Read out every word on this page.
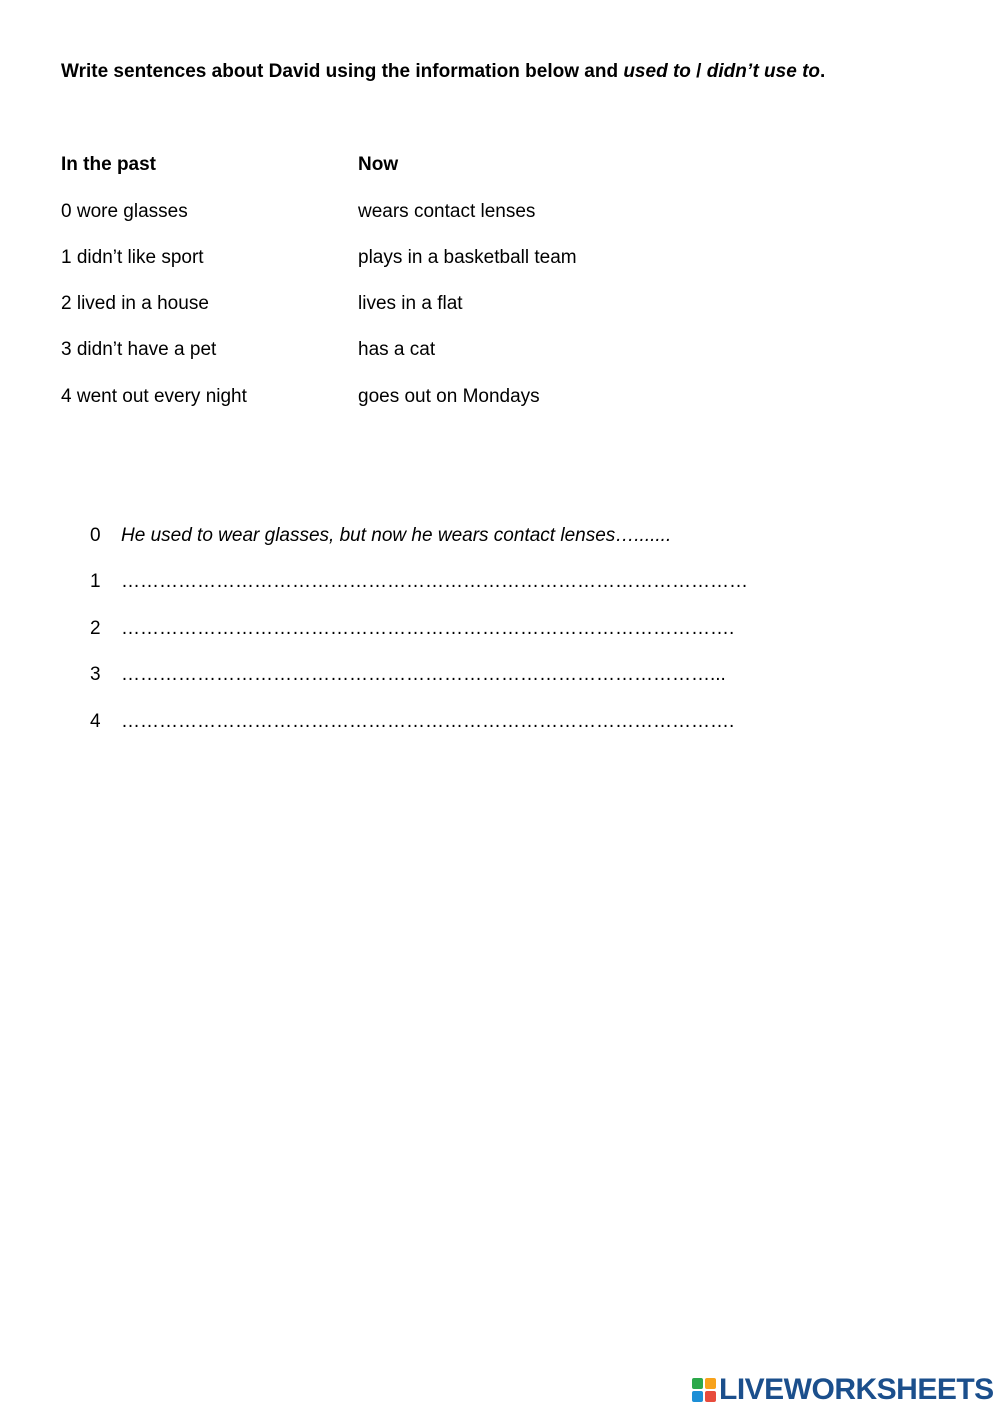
Write sentences about David using the information below and used to / didn’t use to.
In the past	Now
0 wore glasses	wears contact lenses
1 didn’t like sport	plays in a basketball team
2 lived in a house	lives in a flat
3 didn’t have a pet	has a cat
4 went out every night	goes out on Mondays
0 He used to wear glasses, but now he wears contact lenses….......
1 ………………………………………………………………………………………
2 …………………………………………………………………………………….
3 …………………………………………………………………………………...
4 …………………………………………………………………………………….
LIVEWORKSHEETS
